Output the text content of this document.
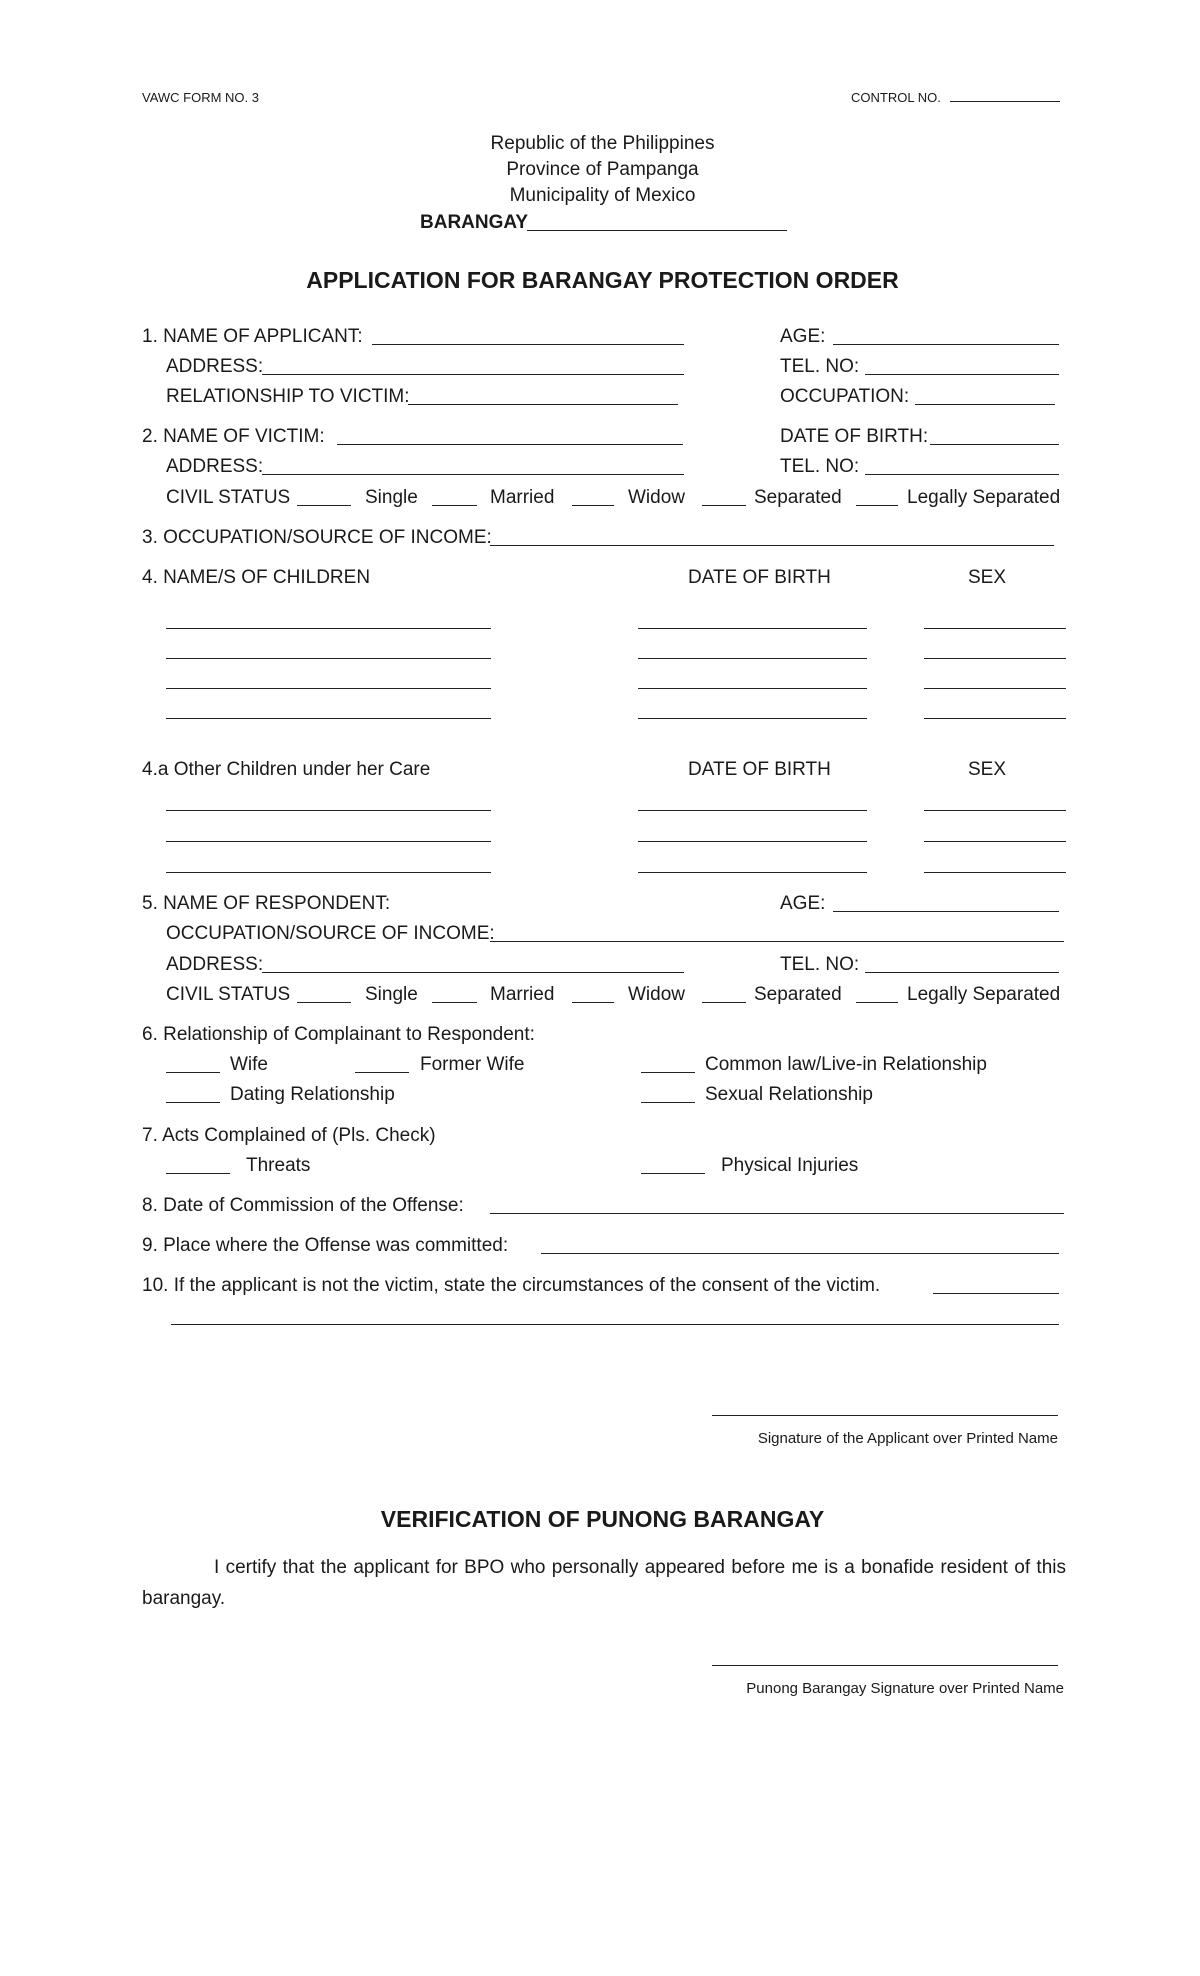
VAWC FORM NO. 3	CONTROL NO.
Republic of the Philippines
Province of Pampanga
Municipality of Mexico
BARANGAY
APPLICATION FOR BARANGAY PROTECTION ORDER
1. NAME OF APPLICANT:	AGE:
ADDRESS:	TEL. NO:
RELATIONSHIP TO VICTIM:	OCCUPATION:
2. NAME OF VICTIM:	DATE OF BIRTH:
ADDRESS:	TEL. NO:
CIVIL STATUS	Single	Married	Widow	Separated	Legally Separated
3. OCCUPATION/SOURCE OF INCOME:
4. NAME/S OF CHILDREN	DATE OF BIRTH	SEX
4.a Other Children under her Care	DATE OF BIRTH	SEX
5. NAME OF RESPONDENT:	AGE:
OCCUPATION/SOURCE OF INCOME:
ADDRESS:	TEL. NO:
CIVIL STATUS	Single	Married	Widow	Separated	Legally Separated
6. Relationship of Complainant to Respondent:
Wife	Former Wife	Common law/Live-in Relationship
Dating Relationship	Sexual Relationship
7. Acts Complained of (Pls. Check)
Threats	Physical Injuries
8. Date of Commission of the Offense:
9. Place where the Offense was committed:
10. If the applicant is not the victim, state the circumstances of the consent of the victim.
Signature of the Applicant over Printed Name
VERIFICATION OF PUNONG BARANGAY
I certify that the applicant for BPO who personally appeared before me is a bonafide resident of this barangay.
Punong Barangay Signature over Printed Name
